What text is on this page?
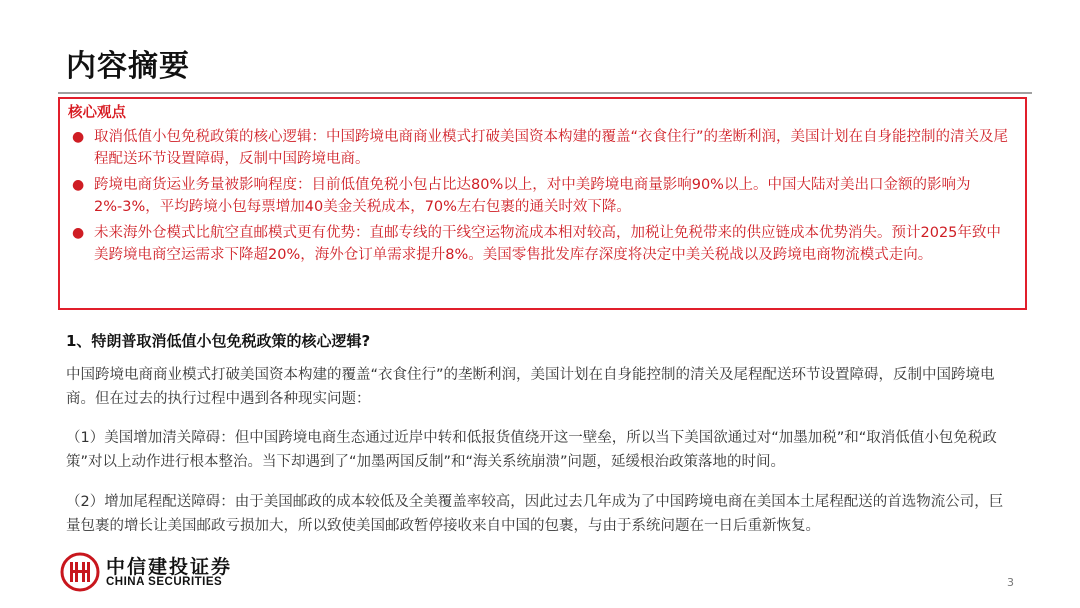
内容摘要
核心观点
● 取消低值小包免税政策的核心逻辑：中国跨境电商商业模式打破美国资本构建的覆盖“衣食住行”的垄断利润，美国计划在自身能控制的清关及尾程配送环节设置障碍，反制中国跨境电商。
● 跨境电商货运业务量被影响程度：目前低值免税小包占比达80%以上，对中美跨境电商量影响90%以上。中国大陆对美出口金额的影响为2%-3%，平均跨境小包每票增加40美金关税成本，70%左右包裹的通关时效下降。
● 未来海外仓模式比航空直邮模式更有优势：直邮专线的干线空运物流成本相对较高，加税让免税带来的供应链成本优势消失。预计2025年致中美跨境电商空运需求下降超20%，海外仓订单需求提升8%。美国零售批发库存深度将决定中美关税战以及跨境电商物流模式走向。
1、特朗普取消低值小包免税政策的核心逻辑?
中国跨境电商商业模式打破美国资本构建的覆盖“衣食住行”的垄断利润，美国计划在自身能控制的清关及尾程配送环节设置障碍，反制中国跨境电商。但在过去的执行过程中遇到各种现实问题：
（1）美国增加清关障碍：但中国跨境电商生态通过近岸中转和低报货值绕开这一壁垒，所以当下美国欲通过对“加墨加税”和“取消低值小包免税政策”对以上动作进行根本整治。当下却遇到了“加墨两国反制”和“海关系统崩溃”问题，延缓根治政策落地的时间。
（2）增加尾程配送障碍：由于美国邮政的成本较低及全美覆盖率较高，因此过去几年成为了中国跨境电商在美国本土尾程配送的首选物流公司，巨量包裹的增长让美国邮政亏损加大，所以致使美国邮政暂停接收来自中国的包裹，与由于系统问题在一日后重新恢复。
中信建投证券
CHINA SECURITIES	3
